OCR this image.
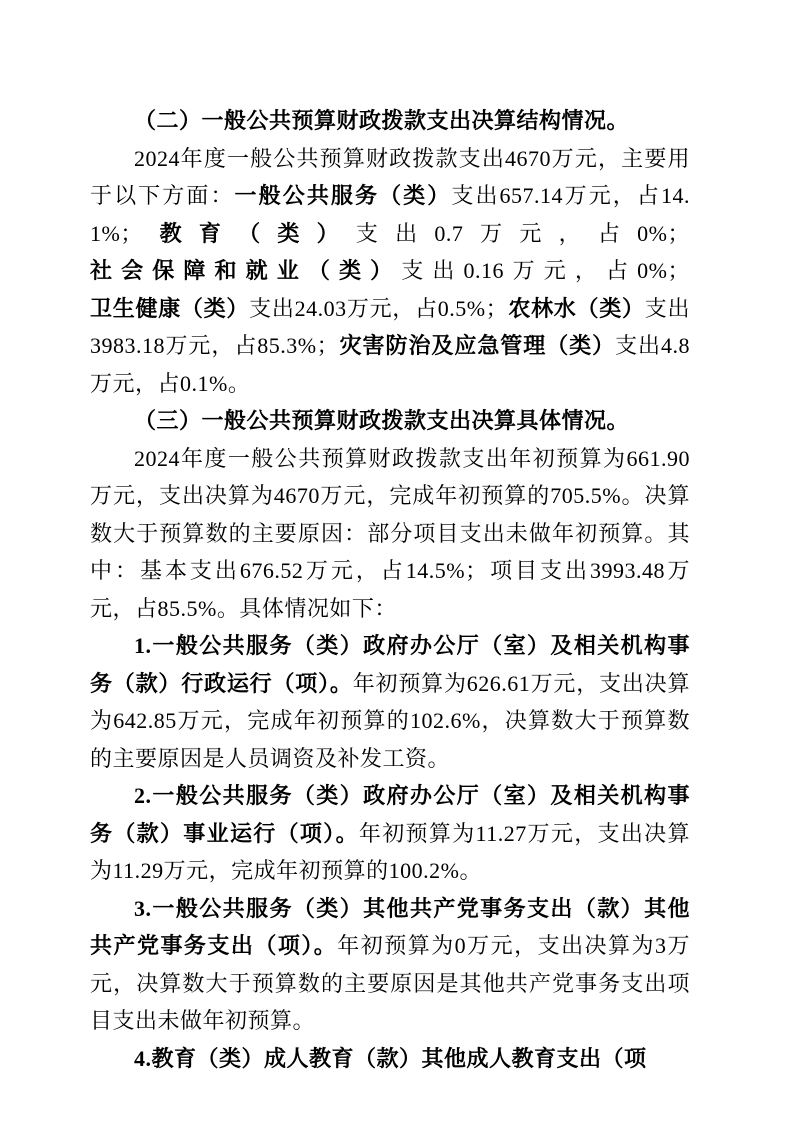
（二）一般公共预算财政拨款支出决算结构情况。

2024年度一般公共预算财政拨款支出4670万元，主要用于以下方面：一般公共服务（类）支出657.14万元，占14.1%；教育（类）支出0.7万元，占0%；社会保障和就业（类）支出0.16万元，占0%；卫生健康（类）支出24.03万元，占0.5%；农林水（类）支出3983.18万元，占85.3%；灾害防治及应急管理（类）支出4.8万元，占0.1%。

（三）一般公共预算财政拨款支出决算具体情况。

2024年度一般公共预算财政拨款支出年初预算为661.90万元，支出决算为4670万元，完成年初预算的705.5%。决算数大于预算数的主要原因：部分项目支出未做年初预算。其中：基本支出676.52万元，占14.5%；项目支出3993.48万元，占85.5%。具体情况如下：

1.一般公共服务（类）政府办公厅（室）及相关机构事务（款）行政运行（项）。年初预算为626.61万元，支出决算为642.85万元，完成年初预算的102.6%，决算数大于预算数的主要原因是人员调资及补发工资。

2.一般公共服务（类）政府办公厅（室）及相关机构事务（款）事业运行（项）。年初预算为11.27万元，支出决算为11.29万元，完成年初预算的100.2%。

3.一般公共服务（类）其他共产党事务支出（款）其他共产党事务支出（项）。年初预算为0万元，支出决算为3万元，决算数大于预算数的主要原因是其他共产党事务支出项目支出未做年初预算。

4.教育（类）成人教育（款）其他成人教育支出（项
